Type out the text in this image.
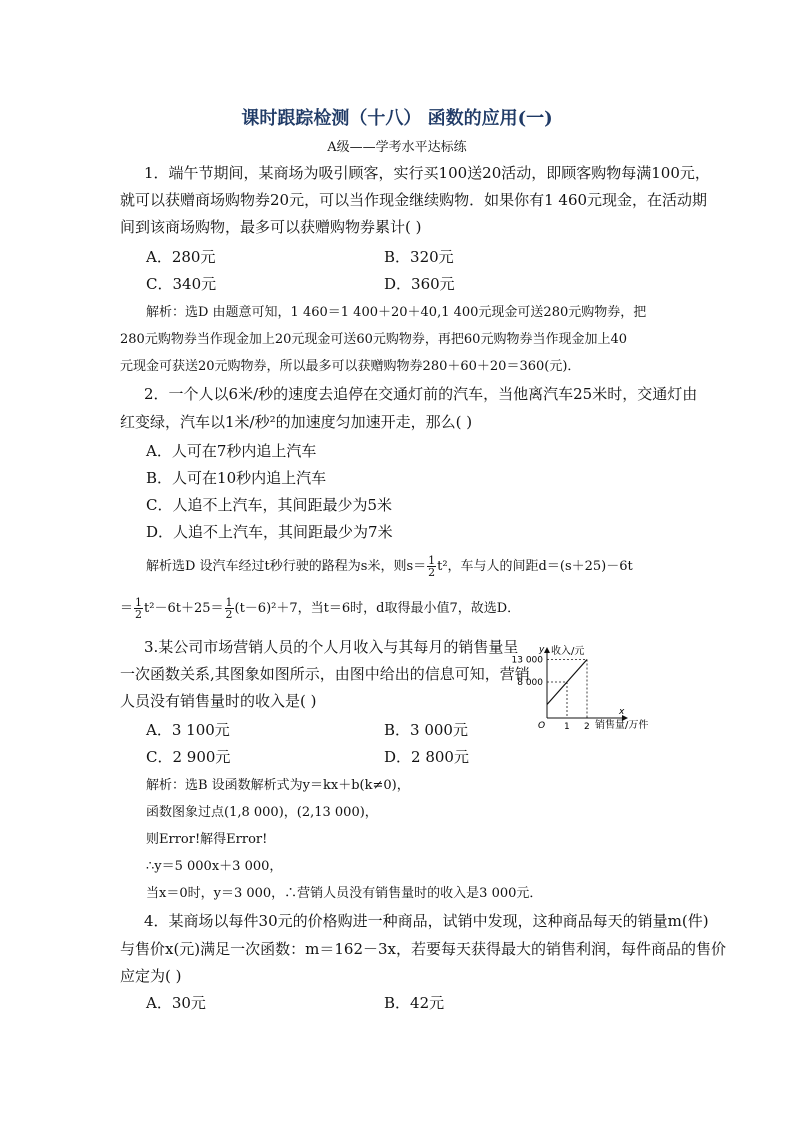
课时跟踪检测（十八） 函数的应用(一)
A级——学考水平达标练
1．端午节期间，某商场为吸引顾客，实行买100送20活动，即顾客购物每满100元，
就可以获赠商场购物券20元，可以当作现金继续购物．如果你有1 460元现金，在活动期
间到该商场购物，最多可以获赠购物券累计( )
A．280元	B．320元
C．340元	D．360元
解析：选D 由题意可知，1 460＝1 400＋20＋40,1 400元现金可送280元购物券，把
280元购物券当作现金加上20元现金可送60元购物券，再把60元购物券当作现金加上40
元现金可获送20元购物券，所以最多可以获赠购物券280＋60＋20＝360(元)．
2．一个人以6米/秒的速度去追停在交通灯前的汽车，当他离汽车25米时，交通灯由
红变绿，汽车以1米/秒²的加速度匀加速开走，那么( )
A．人可在7秒内追上汽车
B．人可在10秒内追上汽车
C．人追不上汽车，其间距最少为5米
D．人追不上汽车，其间距最少为7米
解析选D 设汽车经过t秒行驶的路程为s米，则$s= \frac{1}{2} t^2$，车与人的间距d＝(s＋25)－6t
＝ $\frac{1}{2} t^2-6t+25= \frac{1}{2} (t-6)^2+7$，当t＝6时，d取得最小值7，故选D．
3.某公司市场营销人员的个人月收入与其每月的销售量呈
一次函数关系,其图象如图所示，由图中给出的信息可知，营销
人员没有销售量时的收入是( )
A．3 100元	B．3 000元
C．2 900元	D．2 800元
1
8 000
2
13 000
y 收入/元
x
销售量/万件
O
解析：选B 设函数解析式为y＝kx＋b(k≠0)，
函数图象过点(1,8 000)，(2,13 000)，
则Error!解得Error!
∴y＝5 000x＋3 000，
当x＝0时，y＝3 000，∴营销人员没有销售量时的收入是3 000元．
4．某商场以每件30元的价格购进一种商品，试销中发现，这种商品每天的销量m(件)
与售价x(元)满足一次函数：m＝162－3x，若要每天获得最大的销售利润，每件商品的售价
应定为( )
A．30元	B．42元
